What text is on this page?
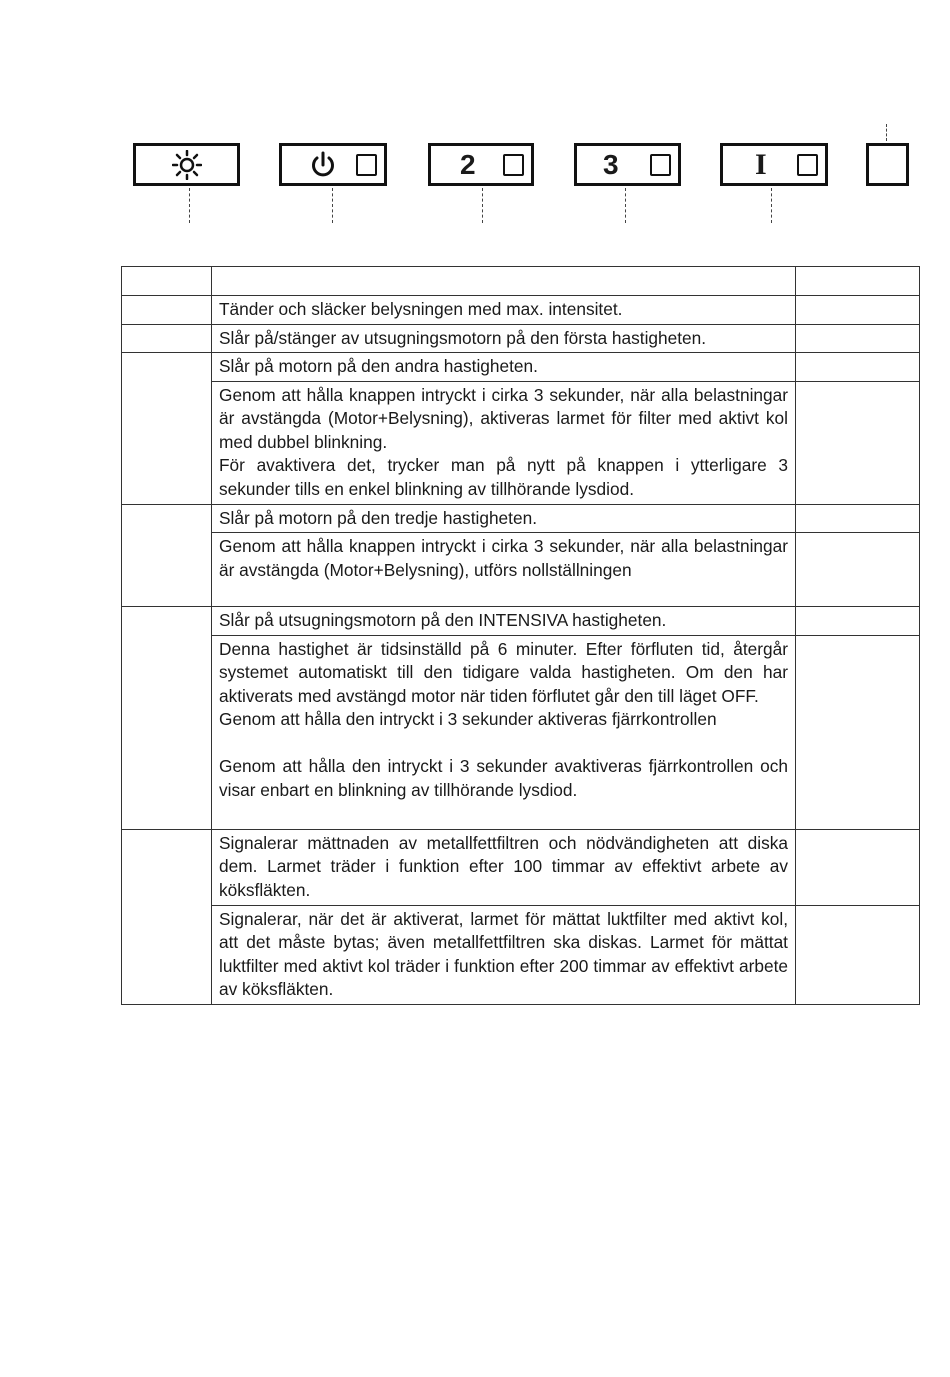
2	3	I

	Tänder och släcker belysningen med max. intensitet.	

	Slår på/stänger av utsugningsmotorn på den första hastigheten.	

	Slår på motorn på den andra hastigheten.	

	Genom att hålla knappen intryckt i cirka 3 sekunder, när alla belastningar är avstängda (Motor+Belysning), aktiveras larmet för filter med aktivt kol med dubbel blinkning.
För avaktivera det, trycker man på nytt på knappen i ytterligare 3 sekunder tills en enkel blinkning av tillhörande lysdiod.	

	Slår på motorn på den tredje hastigheten.	

	Genom att hålla knappen intryckt i cirka 3 sekunder, när alla belastningar är avstängda (Motor+Belysning), utförs nollställningen	

	Slår på utsugningsmotorn på den INTENSIVA hastigheten.	

	Denna hastighet är tidsinställd på 6 minuter. Efter förfluten tid, återgår systemet automatiskt till den tidigare valda hastigheten. Om den har aktiverats med avstängd motor när tiden förflutet går den till läget OFF.
Genom att hålla den intryckt i 3 sekunder aktiveras fjärrkontrollen
Genom att hålla den intryckt i 3 sekunder avaktiveras fjärrkontrollen och visar enbart en blinkning av tillhörande lysdiod.	

	Signalerar mättnaden av metallfettfiltren och nödvändigheten att diska dem. Larmet träder i funktion efter 100 timmar av effektivt arbete av köksfläkten.	

	Signalerar, när det är aktiverat, larmet för mättat luktfilter med aktivt kol, att det måste bytas; även metallfettfiltren ska diskas. Larmet för mättat luktfilter med aktivt kol träder i funktion efter 200 timmar av effektivt arbete av köksfläkten.	
